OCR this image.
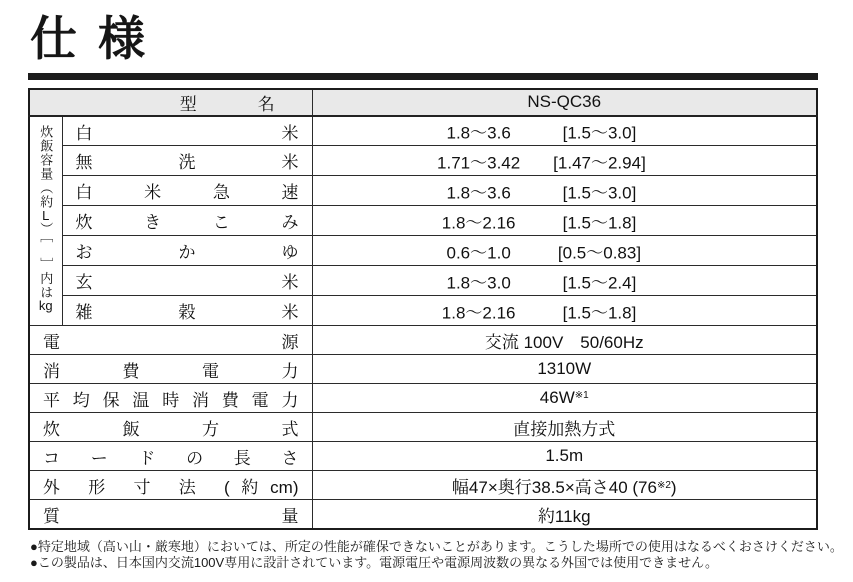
仕 様
型　　名		NS-QC36
炊飯容量（約L）［　］内はkg	白 米	1.8〜3.6 [1.5〜3.0]

	無 洗 米	1.71〜3.42 [1.47〜2.94]

	白 米 急 速	1.8〜3.6 [1.5〜3.0]

	炊 き こ み	1.8〜2.16 [1.5〜1.8]

	お か ゆ	0.6〜1.0 [0.5〜0.83]

	玄 米	1.8〜3.0 [1.5〜2.4]

	雑 穀 米	1.8〜2.16 [1.5〜1.8]

電 源		交流 100V　50/60Hz
消 費 電 力		1310W
平 均 保 温 時 消 費 電 力		46W$^{※1}$
炊 飯 方 式		直接加熱方式
コ ー ド の 長 さ		1.5m
外 形 寸 法 (約cm)		幅47×奥行38.5×高さ40 (76$^{※2}$)
質 量		約11kg

●特定地域（高い山・厳寒地）においては、所定の性能が確保できないことがあります。こうした場所での使用はなるべくおさけください。

●この製品は、日本国内交流100V専用に設計されています。電源電圧や電源周波数の異なる外国では使用できません。
